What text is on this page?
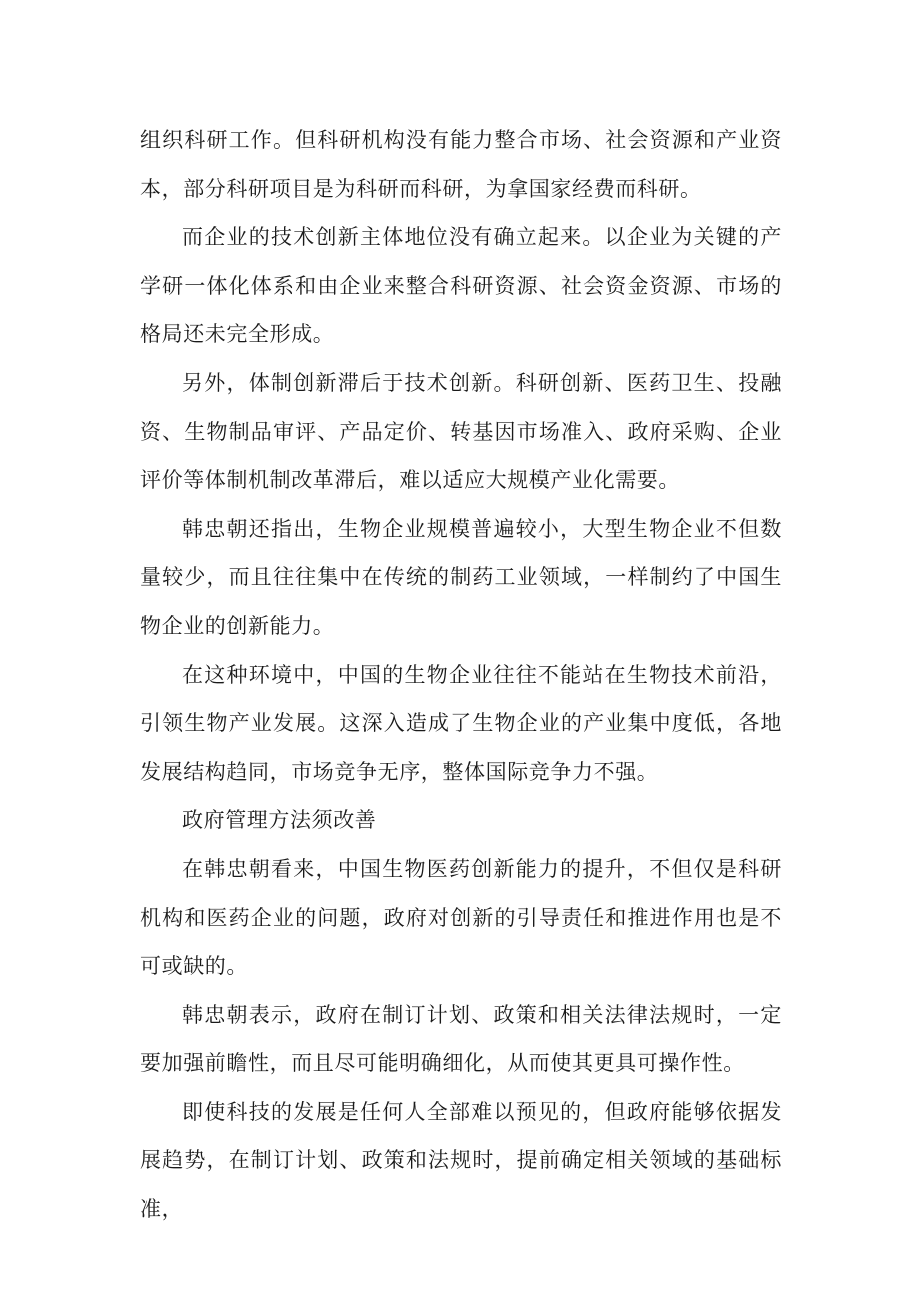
组织科研工作。但科研机构没有能力整合市场、社会资源和产业资本，部分科研项目是为科研而科研，为拿国家经费而科研。

而企业的技术创新主体地位没有确立起来。以企业为关键的产学研一体化体系和由企业来整合科研资源、社会资金资源、市场的格局还未完全形成。

另外，体制创新滞后于技术创新。科研创新、医药卫生、投融资、生物制品审评、产品定价、转基因市场准入、政府采购、企业评价等体制机制改革滞后，难以适应大规模产业化需要。

韩忠朝还指出，生物企业规模普遍较小，大型生物企业不但数量较少，而且往往集中在传统的制药工业领域，一样制约了中国生物企业的创新能力。

在这种环境中，中国的生物企业往往不能站在生物技术前沿，引领生物产业发展。这深入造成了生物企业的产业集中度低，各地发展结构趋同，市场竞争无序，整体国际竞争力不强。

政府管理方法须改善

在韩忠朝看来，中国生物医药创新能力的提升，不但仅是科研机构和医药企业的问题，政府对创新的引导责任和推进作用也是不可或缺的。

韩忠朝表示，政府在制订计划、政策和相关法律法规时，一定要加强前瞻性，而且尽可能明确细化，从而使其更具可操作性。

即使科技的发展是任何人全部难以预见的，但政府能够依据发展趋势，在制订计划、政策和法规时，提前确定相关领域的基础标准，
